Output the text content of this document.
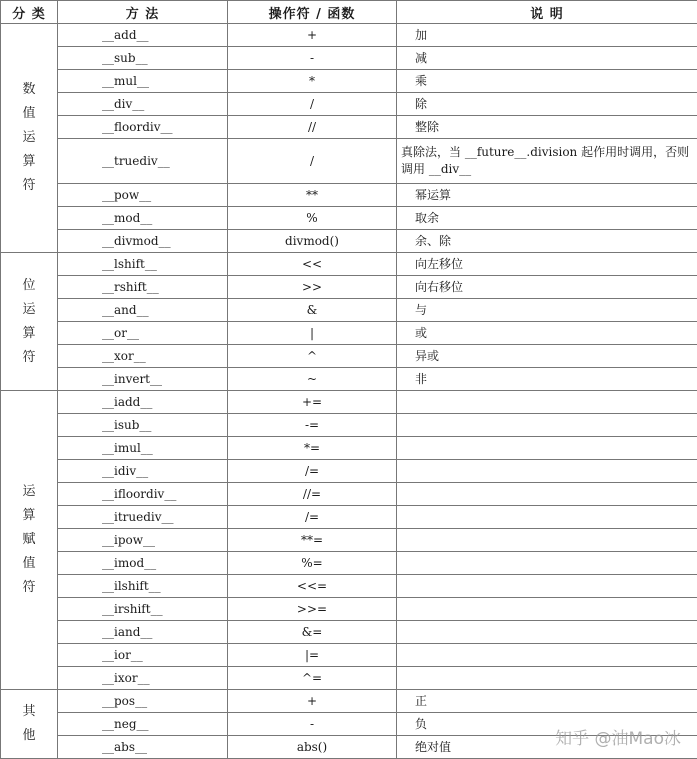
分 类	方 法	操作符 / 函数	说 明
数值运算符	__add__	+	加
	__sub__	-	减
	__mul__	*	乘
	__div__	/	除
	__floordiv__	//	整除
	__truediv__	/	真除法，当 __future__.division 起作用时调用，否则调用 __div__
	__pow__	**	幂运算
	__mod__	%	取余
	__divmod__	divmod()	余、除
位运算符	__lshift__	<<	向左移位
	__rshift__	>>	向右移位
	__and__	&	与
	__or__	|	或
	__xor__	^	异或
	__invert__	~	非
运算赋值符	__iadd__	+=	
	__isub__	-=	
	__imul__	*=	
	__idiv__	/=	
	__ifloordiv__	//=	
	__itruediv__	/=	
	__ipow__	**=	
	__imod__	%=	
	__ilshift__	<<=	
	__irshift__	>>=	
	__iand__	&=	
	__ior__	|=	
	__ixor__	^=	
其他	__pos__	+	正
	__neg__	-	负
	__abs__	abs()	绝对值	知乎 @油Mao冰
